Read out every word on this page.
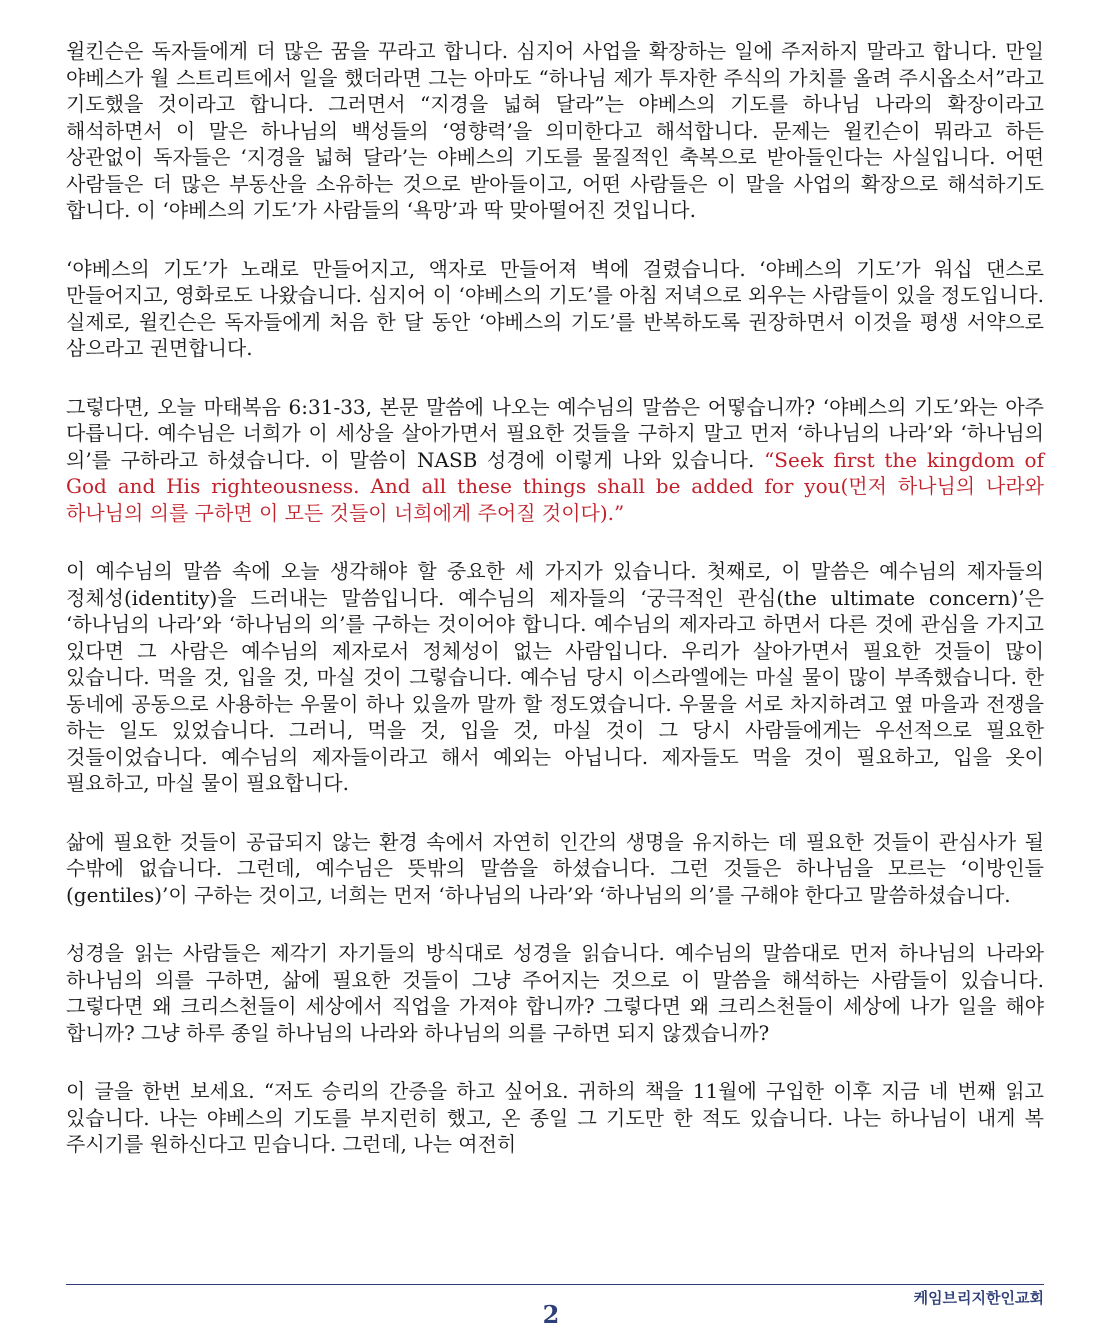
윌킨슨은 독자들에게 더 많은 꿈을 꾸라고 합니다. 심지어 사업을 확장하는 일에 주저하지 말라고 합니다. 만일 야베스가 월 스트리트에서 일을 했더라면 그는 아마도 “하나님 제가 투자한 주식의 가치를 올려 주시옵소서”라고 기도했을 것이라고 합니다. 그러면서 “지경을 넓혀 달라”는 야베스의 기도를 하나님 나라의 확장이라고 해석하면서 이 말은 하나님의 백성들의 ‘영향력’을 의미한다고 해석합니다. 문제는 윌킨슨이 뭐라고 하든 상관없이 독자들은 ‘지경을 넓혀 달라’는 야베스의 기도를 물질적인 축복으로 받아들인다는 사실입니다. 어떤 사람들은 더 많은 부동산을 소유하는 것으로 받아들이고, 어떤 사람들은 이 말을 사업의 확장으로 해석하기도 합니다. 이 ‘야베스의 기도’가 사람들의 ‘욕망’과 딱 맞아떨어진 것입니다.

‘야베스의 기도’가 노래로 만들어지고, 액자로 만들어져 벽에 걸렸습니다. ‘야베스의 기도’가 워십 댄스로 만들어지고, 영화로도 나왔습니다. 심지어 이 ‘야베스의 기도’를 아침 저녁으로 외우는 사람들이 있을 정도입니다. 실제로, 윌킨슨은 독자들에게 처음 한 달 동안 ‘야베스의 기도’를 반복하도록 권장하면서 이것을 평생 서약으로 삼으라고 권면합니다.

그렇다면, 오늘 마태복음 6:31-33, 본문 말씀에 나오는 예수님의 말씀은 어떻습니까? ‘야베스의 기도’와는 아주 다릅니다. 예수님은 너희가 이 세상을 살아가면서 필요한 것들을 구하지 말고 먼저 ‘하나님의 나라’와 ‘하나님의 의’를 구하라고 하셨습니다. 이 말씀이 NASB 성경에 이렇게 나와 있습니다. “Seek first the kingdom of God and His righteousness. And all these things shall be added for you(먼저 하나님의 나라와 하나님의 의를 구하면 이 모든 것들이 너희에게 주어질 것이다).”

이 예수님의 말씀 속에 오늘 생각해야 할 중요한 세 가지가 있습니다. 첫째로, 이 말씀은 예수님의 제자들의 정체성(identity)을 드러내는 말씀입니다. 예수님의 제자들의 ‘궁극적인 관심(the ultimate concern)’은 ‘하나님의 나라’와 ‘하나님의 의’를 구하는 것이어야 합니다. 예수님의 제자라고 하면서 다른 것에 관심을 가지고 있다면 그 사람은 예수님의 제자로서 정체성이 없는 사람입니다. 우리가 살아가면서 필요한 것들이 많이 있습니다. 먹을 것, 입을 것, 마실 것이 그렇습니다. 예수님 당시 이스라엘에는 마실 물이 많이 부족했습니다. 한 동네에 공동으로 사용하는 우물이 하나 있을까 말까 할 정도였습니다. 우물을 서로 차지하려고 옆 마을과 전쟁을 하는 일도 있었습니다. 그러니, 먹을 것, 입을 것, 마실 것이 그 당시 사람들에게는 우선적으로 필요한 것들이었습니다. 예수님의 제자들이라고 해서 예외는 아닙니다. 제자들도 먹을 것이 필요하고, 입을 옷이 필요하고, 마실 물이 필요합니다.

삶에 필요한 것들이 공급되지 않는 환경 속에서 자연히 인간의 생명을 유지하는 데 필요한 것들이 관심사가 될 수밖에 없습니다. 그런데, 예수님은 뜻밖의 말씀을 하셨습니다. 그런 것들은 하나님을 모르는 ‘이방인들(gentiles)’이 구하는 것이고, 너희는 먼저 ‘하나님의 나라’와 ‘하나님의 의’를 구해야 한다고 말씀하셨습니다.

성경을 읽는 사람들은 제각기 자기들의 방식대로 성경을 읽습니다. 예수님의 말씀대로 먼저 하나님의 나라와 하나님의 의를 구하면, 삶에 필요한 것들이 그냥 주어지는 것으로 이 말씀을 해석하는 사람들이 있습니다. 그렇다면 왜 크리스천들이 세상에서 직업을 가져야 합니까? 그렇다면 왜 크리스천들이 세상에 나가 일을 해야 합니까? 그냥 하루 종일 하나님의 나라와 하나님의 의를 구하면 되지 않겠습니까?

이 글을 한번 보세요. “저도 승리의 간증을 하고 싶어요. 귀하의 책을 11월에 구입한 이후 지금 네 번째 읽고 있습니다. 나는 야베스의 기도를 부지런히 했고, 온 종일 그 기도만 한 적도 있습니다. 나는 하나님이 내게 복 주시기를 원하신다고 믿습니다. 그런데, 나는 여전히

케임브리지한인교회
2
